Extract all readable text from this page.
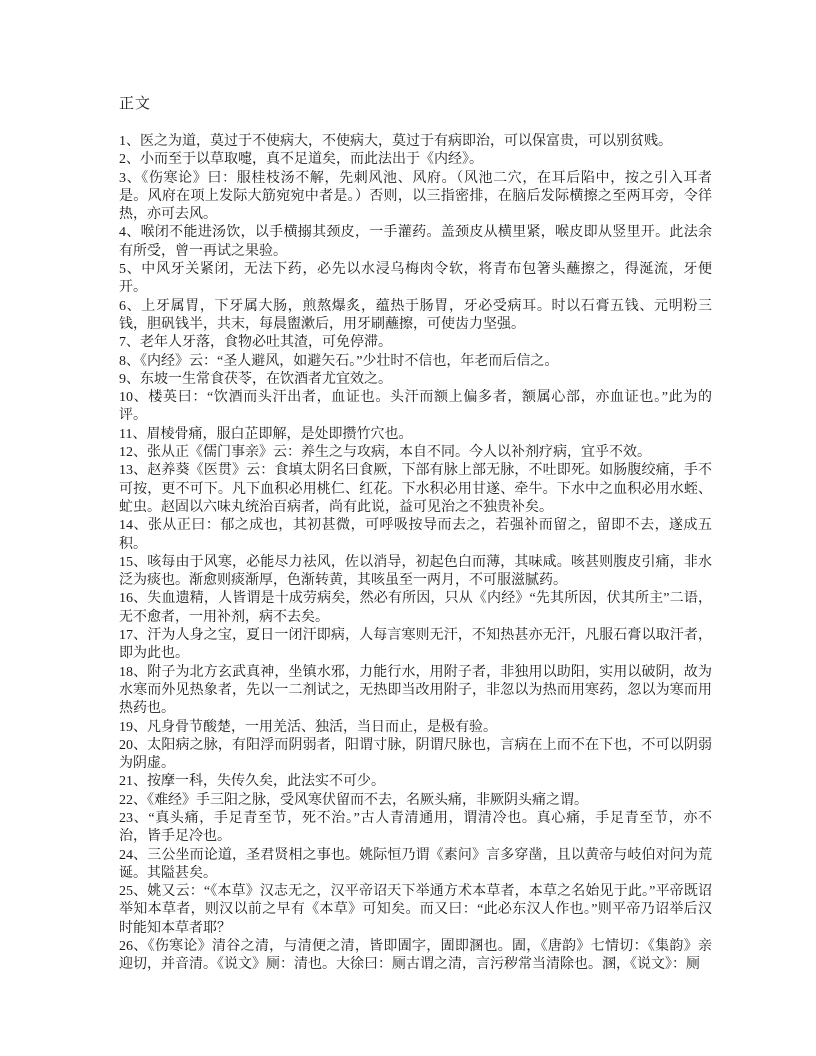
正文

1、医之为道，莫过于不使病大，不使病大，莫过于有病即治，可以保富贵，可以别贫贱。

2、小而至于以草取嚏，真不足道矣，而此法出于《内经》。

3、《伤寒论》曰：服桂枝汤不解，先刺风池、风府。（风池二穴，在耳后陷中，按之引入耳者是。风府在项上发际大筋宛宛中者是。）否则，以三指密排，在脑后发际横擦之至两耳旁，令徉热，亦可去风。

4、喉闭不能进汤饮，以手横搦其颈皮，一手灌药。盖颈皮从横里紧，喉皮即从竖里开。此法余有所受，曾一再试之果验。

5、中风牙关紧闭，无法下药，必先以水浸乌梅肉令软，将青布包箸头蘸擦之，得涎流，牙便开。

6、上牙属胃，下牙属大肠，煎熬爆炙，蕴热于肠胃，牙必受病耳。时以石膏五钱、元明粉三钱，胆矾钱半，共末，每晨盥漱后，用牙刷蘸擦，可使齿力坚强。

7、老年人牙落，食物必吐其渣，可免停滞。

8、《内经》云：“圣人避风，如避矢石。”少壮时不信也，年老而后信之。

9、东坡一生常食茯苓，在饮酒者尤宜效之。

10、楼英曰：“饮酒而头汗出者，血证也。头汗而额上偏多者，额属心部，亦血证也。”此为的评。

11、眉棱骨痛，服白芷即解，是处即攒竹穴也。

12、张从正《儒门事亲》云：养生之与攻病，本自不同。今人以补剂疗病，宜乎不效。

13、赵养葵《医贯》云：食填太阴名曰食厥，下部有脉上部无脉，不吐即死。如肠腹绞痛，手不可按，更不可下。凡下血积必用桃仁、红花。下水积必用甘遂、牵牛。下水中之血积必用水蛭、虻虫。赵固以六味丸统治百病者，尚有此说，益可见治之不独贵补矣。

14、张从正曰：郁之成也，其初甚微，可呼吸按导而去之，若强补而留之，留即不去，遂成五积。

15、咳每由于风寒，必能尽力祛风，佐以消导，初起色白而薄，其味咸。咳甚则腹皮引痛，非水泛为痰也。渐愈则痰渐厚，色渐转黄，其咳虽至一两月，不可服滋腻药。

16、失血遗精，人皆谓是十成劳病矣，然必有所因，只从《内经》“先其所因，伏其所主”二语，无不愈者，一用补剂，病不去矣。

17、汗为人身之宝，夏日一闭汗即病，人每言寒则无汗，不知热甚亦无汗，凡服石膏以取汗者，即为此也。

18、附子为北方玄武真神，坐镇水邪，力能行水，用附子者，非独用以助阳，实用以破阴，故为水寒而外见热象者，先以一二剂试之，无热即当改用附子，非忽以为热而用寒药，忽以为寒而用热药也。

19、凡身骨节酸楚，一用羌活、独活，当日而止，是极有验。

20、太阳病之脉，有阳浮而阴弱者，阳谓寸脉，阴谓尺脉也，言病在上而不在下也，不可以阴弱为阴虚。

21、按摩一科，失传久矣，此法实不可少。

22、《难经》手三阳之脉，受风寒伏留而不去，名厥头痛，非厥阴头痛之谓。

23、“真头痛，手足青至节，死不治。”古人青清通用，谓清冷也。真心痛，手足青至节，亦不治，皆手足冷也。

24、三公坐而论道，圣君贤相之事也。姚际恒乃谓《素问》言多穿凿，且以黄帝与岐伯对问为荒诞。其隘甚矣。

25、姚又云：“《本草》汉志无之，汉平帝诏天下举通方术本草者，本草之名始见于此。”平帝既诏举知本草者，则汉以前之早有《本草》可知矣。而又曰：“此必东汉人作也。”则平帝乃诏举后汉时能知本草者耶？

26、《伤寒论》清谷之清，与清便之清，皆即圊字，圊即溷也。圊，《唐韵》七情切：《集韵》亲迎切，并音清。《说文》厕：清也。大徐曰：厕古谓之清，言污秽常当清除也。溷，《说文》：厕
